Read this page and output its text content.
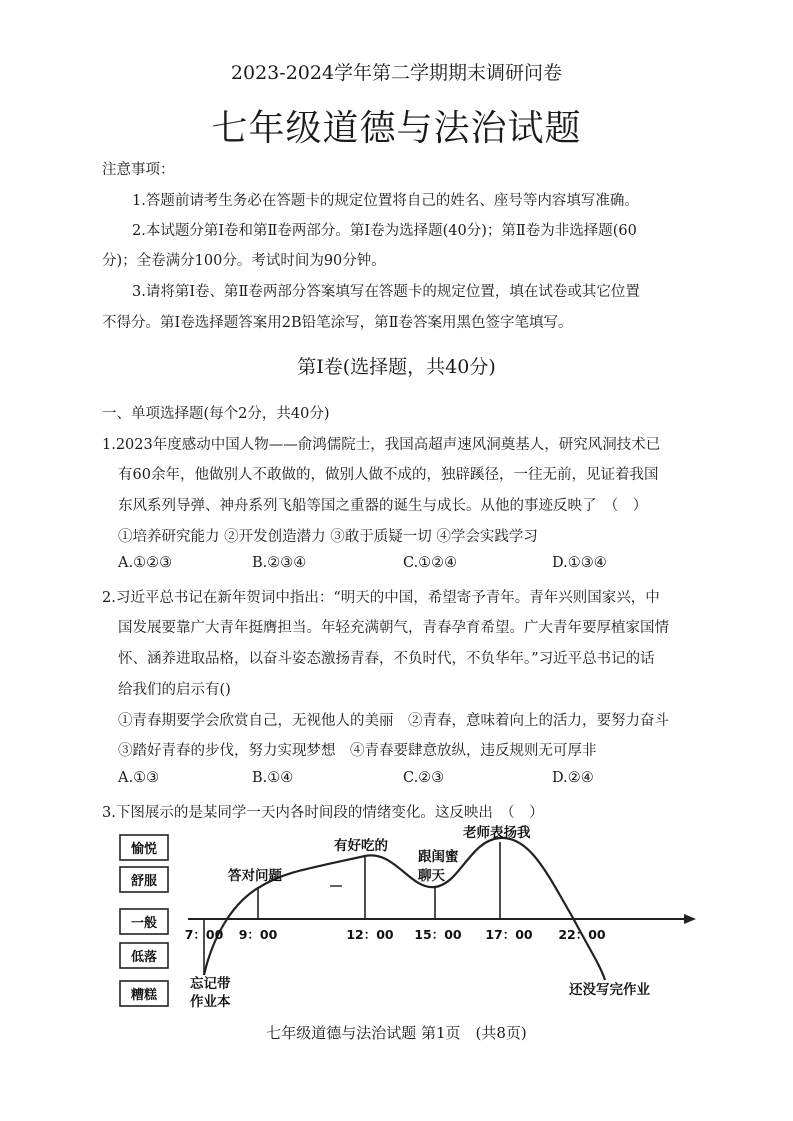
2023-2024学年第二学期期末调研问卷
七年级道德与法治试题
注意事项：
1.答题前请考生务必在答题卡的规定位置将自己的姓名、座号等内容填写准确。
2.本试题分第Ⅰ卷和第Ⅱ卷两部分。第Ⅰ卷为选择题(40分)；第Ⅱ卷为非选择题(60
分)；全卷满分100分。考试时间为90分钟。
3.请将第Ⅰ卷、第Ⅱ卷两部分答案填写在答题卡的规定位置，填在试卷或其它位置
不得分。第Ⅰ卷选择题答案用2B铅笔涂写，第Ⅱ卷答案用黑色签字笔填写。
第Ⅰ卷(选择题，共40分)
一、单项选择题(每个2分，共40分)
1.2023年度感动中国人物——俞鸿儒院士，我国高超声速风洞奠基人，研究风洞技术已
有60余年，他做别人不敢做的，做别人做不成的，独辟蹊径，一往无前，见证着我国
东风系列导弹、神舟系列飞船等国之重器的诞生与成长。从他的事迹反映了　（　）
①培养研究能力 ②开发创造潜力 ③敢于质疑一切 ④学会实践学习
A.①②③	B.②③④	C.①②④	D.①③④
2.习近平总书记在新年贺词中指出：“明天的中国，希望寄予青年。青年兴则国家兴，中
国发展要靠广大青年挺膺担当。年轻充满朝气，青春孕育希望。广大青年要厚植家国情
怀、涵养进取品格，以奋斗姿态激扬青春，不负时代，不负华年。”习近平总书记的话
给我们的启示有()
①青春期要学会欣赏自己，无视他人的美丽　②青春，意味着向上的活力，要努力奋斗
③踏好青春的步伐，努力实现梦想　④青春要肆意放纵，违反规则无可厚非
A.①③	B.①④	C.②③	D.②④
3.下图展示的是某同学一天内各时间段的情绪变化。这反映出　（　）
愉悦
舒服
一般
低落
糟糕
7：00 9：00	12：00 15：00 17：00 22：00
忘记带
作业本
答对问题
有好吃的
跟闺蜜
聊天
老师表扬我
还没写完作业
七年级道德与法治试题 第1页　(共8页)
